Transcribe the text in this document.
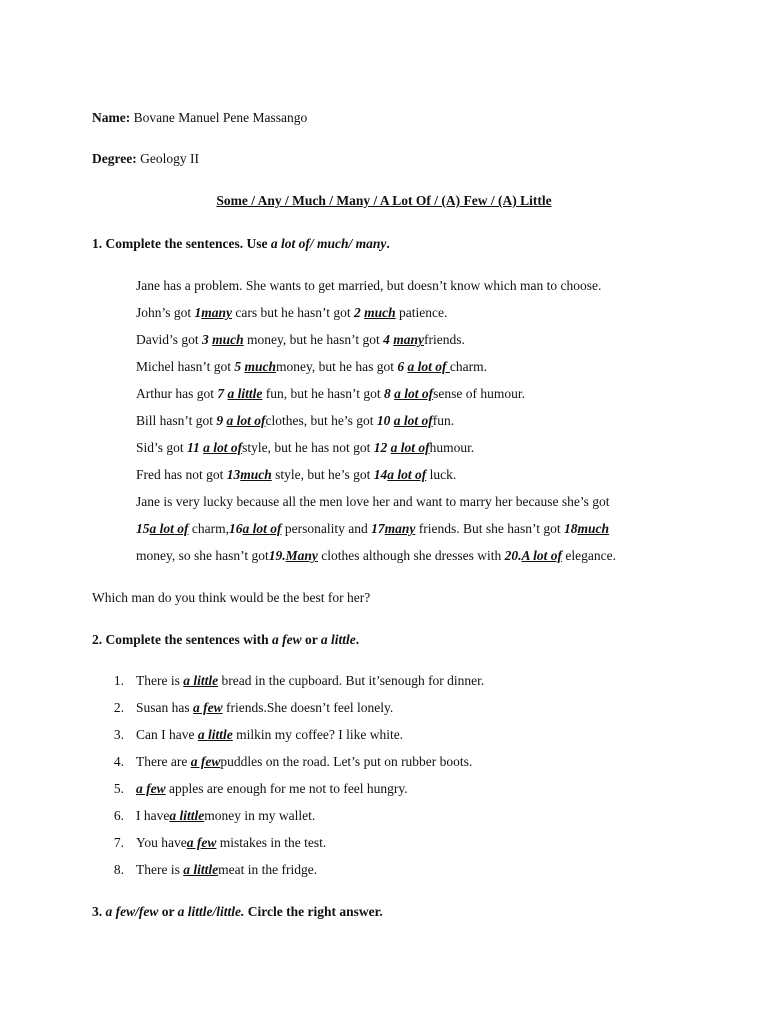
Name: Bovane Manuel Pene Massango
Degree: Geology II
Some / Any / Much / Many / A Lot Of / (A) Few / (A) Little
1. Complete the sentences. Use a lot of/ much/ many.
Jane has a problem. She wants to get married, but doesn’t know which man to choose.
John’s got 1many cars but he hasn’t got 2 much patience.
David’s got 3 much money, but he hasn’t got 4 manyfriends.
Michel hasn’t got 5 muchmoney, but he has got 6 a lot of charm.
Arthur has got 7 a little fun, but he hasn’t got 8 a lot ofsense of humour.
Bill hasn’t got 9 a lot ofclothes, but he’s got 10 a lot offun.
Sid’s got 11 a lot ofstyle, but he has not got 12 a lot ofhumour.
Fred has not got 13much style, but he’s got 14a lot of luck.
Jane is very lucky because all the men love her and want to marry her because she’s got
15a lot of charm,16a lot of personality and 17many friends. But she hasn’t got 18much
money, so she hasn’t got19.Many clothes although she dresses with 20.A lot of elegance.
Which man do you think would be the best for her?
2. Complete the sentences with a few or a little.
1. There is a little bread in the cupboard. But it’senough for dinner.
2. Susan has a few friends.She doesn’t feel lonely.
3. Can I have a little milkin my coffee? I like white.
4. There are a fewpuddles on the road. Let’s put on rubber boots.
5. a few apples are enough for me not to feel hungry.
6. I havea littlemoney in my wallet.
7. You havea few mistakes in the test.
8. There is a littlemeat in the fridge.
3. a few/few or a little/little. Circle the right answer.
